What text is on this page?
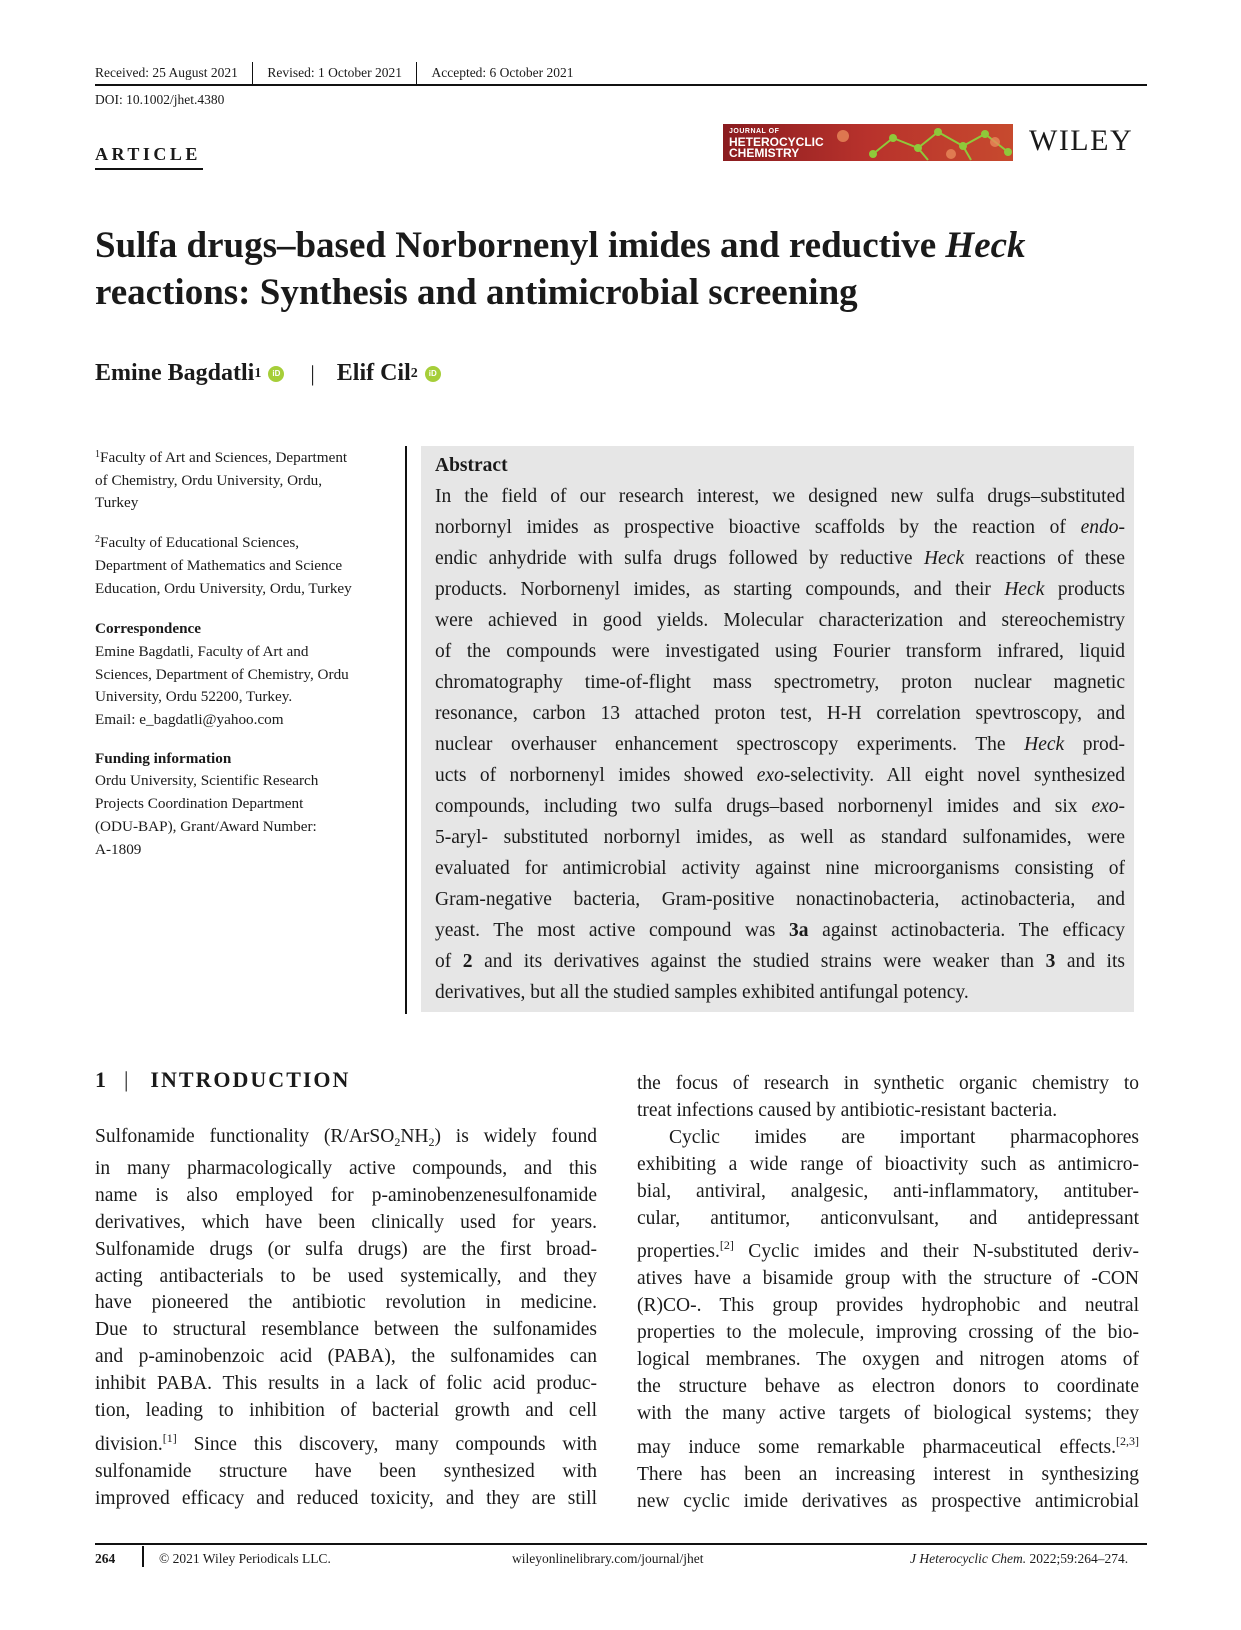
Received: 25 August 2021 Revised: 1 October 2021 Accepted: 6 October 2021
DOI: 10.1002/jhet.4380
ARTICLE
JOURNAL OF
HETEROCYCLIC
CHEMISTRY	WILEY
Sulfa drugs–based Norbornenyl imides and reductive Heck
reactions: Synthesis and antimicrobial screening
Emine Bagdatli 1	iD | Elif Cil 2	iD
$^1$Faculty of Art and Sciences, Department
of Chemistry, Ordu University, Ordu,
Turkey
$^2$Faculty of Educational Sciences,
Department of Mathematics and Science
Education, Ordu University, Ordu, Turkey
Correspondence
Emine Bagdatli, Faculty of Art and
Sciences, Department of Chemistry, Ordu
University, Ordu 52200, Turkey.
Email: e_bagdatli@yahoo.com
Funding information
Ordu University, Scientific Research
Projects Coordination Department
(ODU-BAP), Grant/Award Number:
A-1809
Abstract
In the field of our research interest, we designed new sulfa drugs–substituted
norbornyl imides as prospective bioactive scaffolds by the reaction of endo-
endic anhydride with sulfa drugs followed by reductive Heck reactions of these
products. Norbornenyl imides, as starting compounds, and their Heck products
were achieved in good yields. Molecular characterization and stereochemistry
of the compounds were investigated using Fourier transform infrared, liquid
chromatography time-of-flight mass spectrometry, proton nuclear magnetic
resonance, carbon 13 attached proton test, H-H correlation spevtroscopy, and
nuclear overhauser enhancement spectroscopy experiments. The Heck prod-
ucts of norbornenyl imides showed exo-selectivity. All eight novel synthesized
compounds, including two sulfa drugs–based norbornenyl imides and six exo-
5-aryl- substituted norbornyl imides, as well as standard sulfonamides, were
evaluated for antimicrobial activity against nine microorganisms consisting of
Gram-negative bacteria, Gram-positive nonactinobacteria, actinobacteria, and
yeast. The most active compound was 3a against actinobacteria. The efficacy
of 2 and its derivatives against the studied strains were weaker than 3 and its
derivatives, but all the studied samples exhibited antifungal potency.
1 | INTRODUCTION
Sulfonamide functionality $(R/ArSO_2NH_2)$ is widely found
in many pharmacologically active compounds, and this
name is also employed for p-aminobenzenesulfonamide
derivatives, which have been clinically used for years.
Sulfonamide drugs (or sulfa drugs) are the first broad-
acting antibacterials to be used systemically, and they
have pioneered the antibiotic revolution in medicine.
Due to structural resemblance between the sulfonamides
and p-aminobenzoic acid (PABA), the sulfonamides can
inhibit PABA. This results in a lack of folic acid produc-
tion, leading to inhibition of bacterial growth and cell
division.[1] Since this discovery, many compounds with
sulfonamide structure have been synthesized with
improved efficacy and reduced toxicity, and they are still
the focus of research in synthetic organic chemistry to
treat infections caused by antibiotic-resistant bacteria.
Cyclic imides are important pharmacophores
exhibiting a wide range of bioactivity such as antimicro-
bial, antiviral, analgesic, anti-inflammatory, antituber-
cular, antitumor, anticonvulsant, and antidepressant
properties.[2] Cyclic imides and their N-substituted deriv-
atives have a bisamide group with the structure of -CON
(R)CO-. This group provides hydrophobic and neutral
properties to the molecule, improving crossing of the bio-
logical membranes. The oxygen and nitrogen atoms of
the structure behave as electron donors to coordinate
with the many active targets of biological systems; they
may induce some remarkable pharmaceutical effects.[2,3]
There has been an increasing interest in synthesizing
new cyclic imide derivatives as prospective antimicrobial
264	© 2021 Wiley Periodicals LLC.	wileyonlinelibrary.com/journal/jhet	J Heterocyclic Chem. 2022;59:264–274.
